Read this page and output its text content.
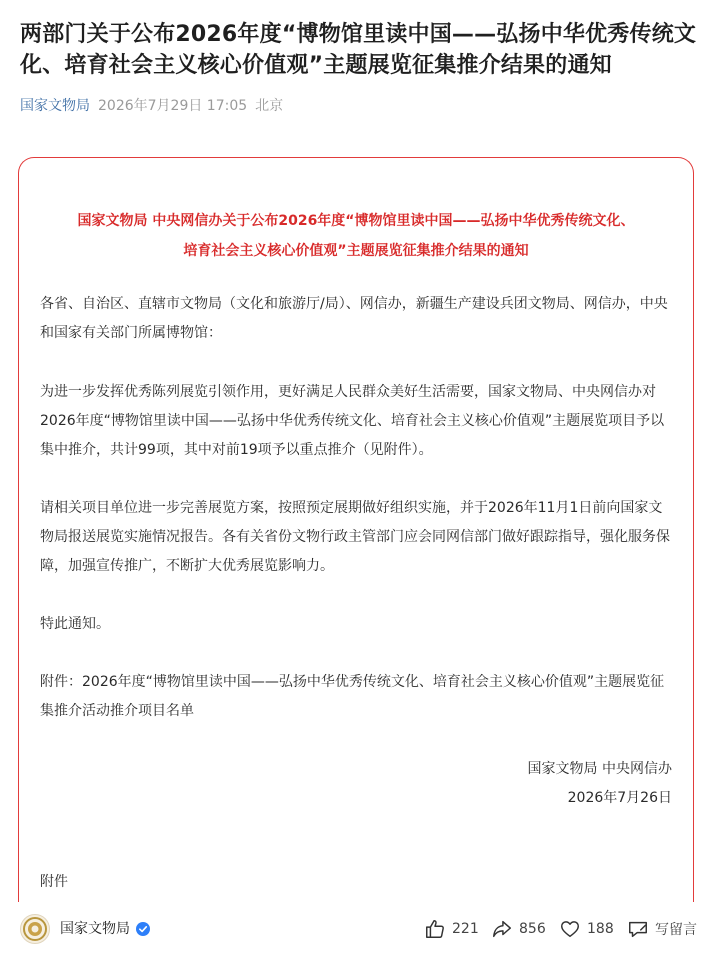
两部门关于公布2026年度“博物馆里读中国——弘扬中华优秀传统文化、培育社会主义核心价值观”主题展览征集推介结果的通知
国家文物局 2026年7月29日 17:05 北京
国家文物局 中央网信办关于公布2026年度“博物馆里读中国——弘扬中华优秀传统文化、
培育社会主义核心价值观”主题展览征集推介结果的通知

各省、自治区、直辖市文物局（文化和旅游厅/局）、网信办，新疆生产建设兵团文物局、网信办，中央和国家有关部门所属博物馆：

为进一步发挥优秀陈列展览引领作用，更好满足人民群众美好生活需要，国家文物局、中央网信办对2026年度“博物馆里读中国——弘扬中华优秀传统文化、培育社会主义核心价值观”主题展览项目予以集中推介，共计99项，其中对前19项予以重点推介（见附件）。

请相关项目单位进一步完善展览方案，按照预定展期做好组织实施，并于2026年11月1日前向国家文物局报送展览实施情况报告。各有关省份文物行政主管部门应会同网信部门做好跟踪指导，强化服务保障，加强宣传推广，不断扩大优秀展览影响力。

特此通知。

附件：2026年度“博物馆里读中国——弘扬中华优秀传统文化、培育社会主义核心价值观”主题展览征集推介活动推介项目名单

国家文物局 中央网信办
2026年7月26日
附件
国家文物局	221	856	188	写留言
